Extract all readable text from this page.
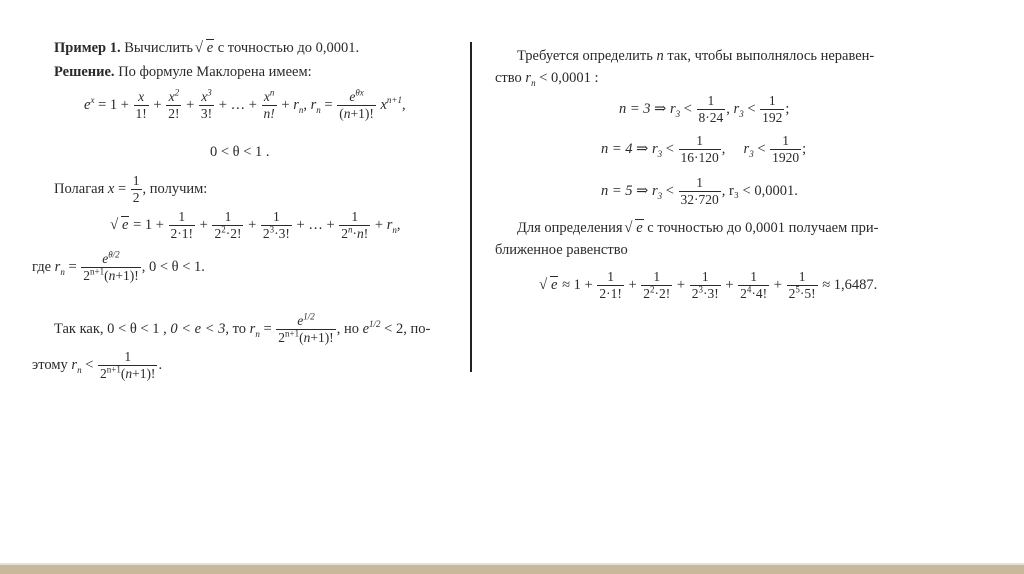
Пример 1. Вычислить √ e с точностью до 0,0001.
Решение. По формуле Маклорена имеем:
$e^x = 1 + \frac{x}{1!} + \frac{x^2}{2!} + \frac{x^3}{3!}$ + … + $\frac{x^n}{n!} + r_n$, $r_n = \frac{e^{\theta x}}{(n+1)!} x^{n+1}$,
0 < θ < 1 .
Полагая $x = \frac{1}{2}$ , получим:
√ $e = 1 + \frac{1}{2\cdot 1!} + \frac{1}{2^2\cdot 2!} + \frac{1}{2^3\cdot 3!}$ + … + $\frac{1}{2^n\cdot n!} + r_n$,
где $r_n = \frac{e^{\theta/2}}{2^{n+1}(n+1)!}$ , 0 < θ < 1.
Так как, 0 < θ < 1 , 0 < e < 3, то $r_n = \frac{e^{1/2}}{2^{n+1}(n+1)!}$ , но $e^{1/2} < 2$, по-
этому $r_n < \frac{1}{2^{n+1}(n+1)!}$ .
Требуется определить n так, чтобы выполнялось неравен-
ство $r_n < 0,0001$ :
n = 3 ⇒ $r_3 < \frac{1}{8\cdot 24}$ , $r_3 < \frac{1}{192}$ ;
n = 4 ⇒ $r_3 < \frac{1}{16\cdot 120}$ ,     $r_3 < \frac{1}{1920}$ ;
n = 5 ⇒ $r_3 < \frac{1}{32\cdot 720}$ , r₃ < 0,0001.
Для определения √ e с точностью до 0,0001 получаем при-
ближенное равенство
√ $e \approx 1 + \frac{1}{2\cdot 1!} + \frac{1}{2^2\cdot 2!} + \frac{1}{2^3\cdot 3!} + \frac{1}{2^4\cdot 4!} + \frac{1}{2^5\cdot 5!} \approx 1,6487$.
